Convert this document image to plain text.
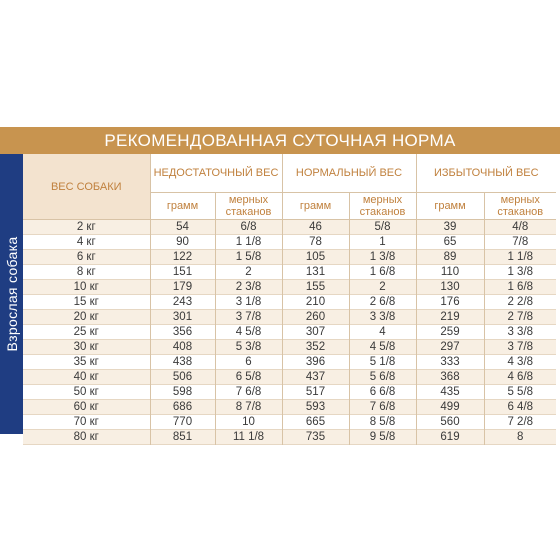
РЕКОМЕНДОВАННАЯ СУТОЧНАЯ НОРМА
Взрослая собака
ВЕС СОБАКИ	НЕДОСТАТОЧНЫЙ ВЕС		НОРМАЛЬНЫЙ ВЕС		ИЗБЫТОЧНЫЙ ВЕС	
	грамм	мерных стаканов	грамм	мерных стаканов	грамм	мерных стаканов
2 кг	54	6/8	46	5/8	39	4/8
4 кг	90	1 1/8	78	1	65	7/8
6 кг	122	1 5/8	105	1 3/8	89	1 1/8
8 кг	151	2	131	1 6/8	110	1 3/8
10 кг	179	2 3/8	155	2	130	1 6/8
15 кг	243	3 1/8	210	2 6/8	176	2 2/8
20 кг	301	3 7/8	260	3 3/8	219	2 7/8
25 кг	356	4 5/8	307	4	259	3 3/8
30 кг	408	5 3/8	352	4 5/8	297	3 7/8
35 кг	438	6	396	5 1/8	333	4 3/8
40 кг	506	6 5/8	437	5 6/8	368	4 6/8
50 кг	598	7 6/8	517	6 6/8	435	5 5/8
60 кг	686	8 7/8	593	7 6/8	499	6 4/8
70 кг	770	10	665	8 5/8	560	7 2/8
80 кг	851	11 1/8	735	9 5/8	619	8
